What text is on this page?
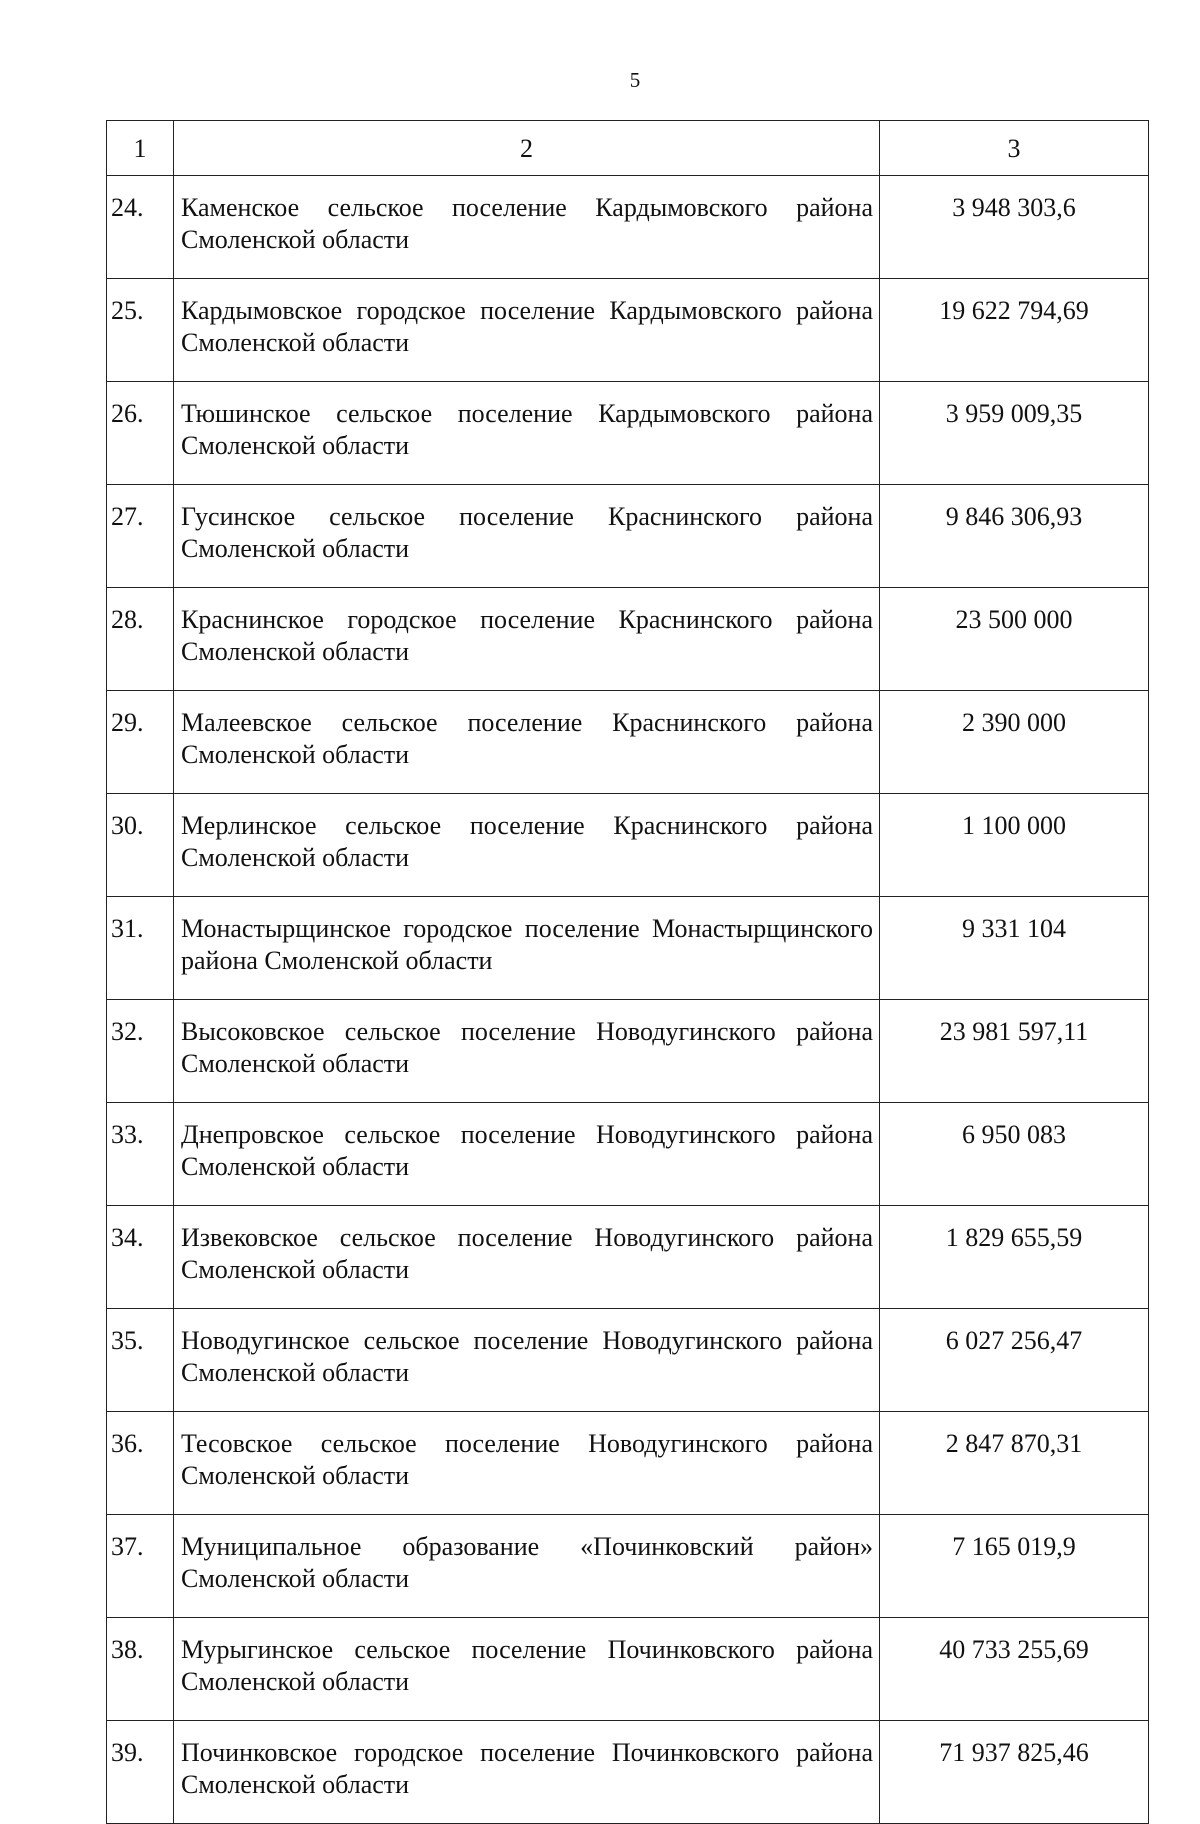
5
1	2	3
24.	Каменское сельское поселение Кардымовского района Смоленской области	3 948 303,6
25.	Кардымовское городское поселение Кардымовского района Смоленской области	19 622 794,69
26.	Тюшинское сельское поселение Кардымовского района Смоленской области	3 959 009,35
27.	Гусинское сельское поселение Краснинского района Смоленской области	9 846 306,93
28.	Краснинское городское поселение Краснинского района Смоленской области	23 500 000
29.	Малеевское сельское поселение Краснинского района Смоленской области	2 390 000
30.	Мерлинское сельское поселение Краснинского района Смоленской области	1 100 000
31.	Монастырщинское городское поселение Монастырщинского района Смоленской области	9 331 104
32.	Высоковское сельское поселение Новодугинского района Смоленской области	23 981 597,11
33.	Днепровское сельское поселение Новодугинского района Смоленской области	6 950 083
34.	Извековское сельское поселение Новодугинского района Смоленской области	1 829 655,59
35.	Новодугинское сельское поселение Новодугинского района Смоленской области	6 027 256,47
36.	Тесовское сельское поселение Новодугинского района Смоленской области	2 847 870,31
37.	Муниципальное образование «Починковский район» Смоленской области	7 165 019,9
38.	Мурыгинское сельское поселение Починковского района Смоленской области	40 733 255,69
39.	Починковское городское поселение Починковского района Смоленской области	71 937 825,46
